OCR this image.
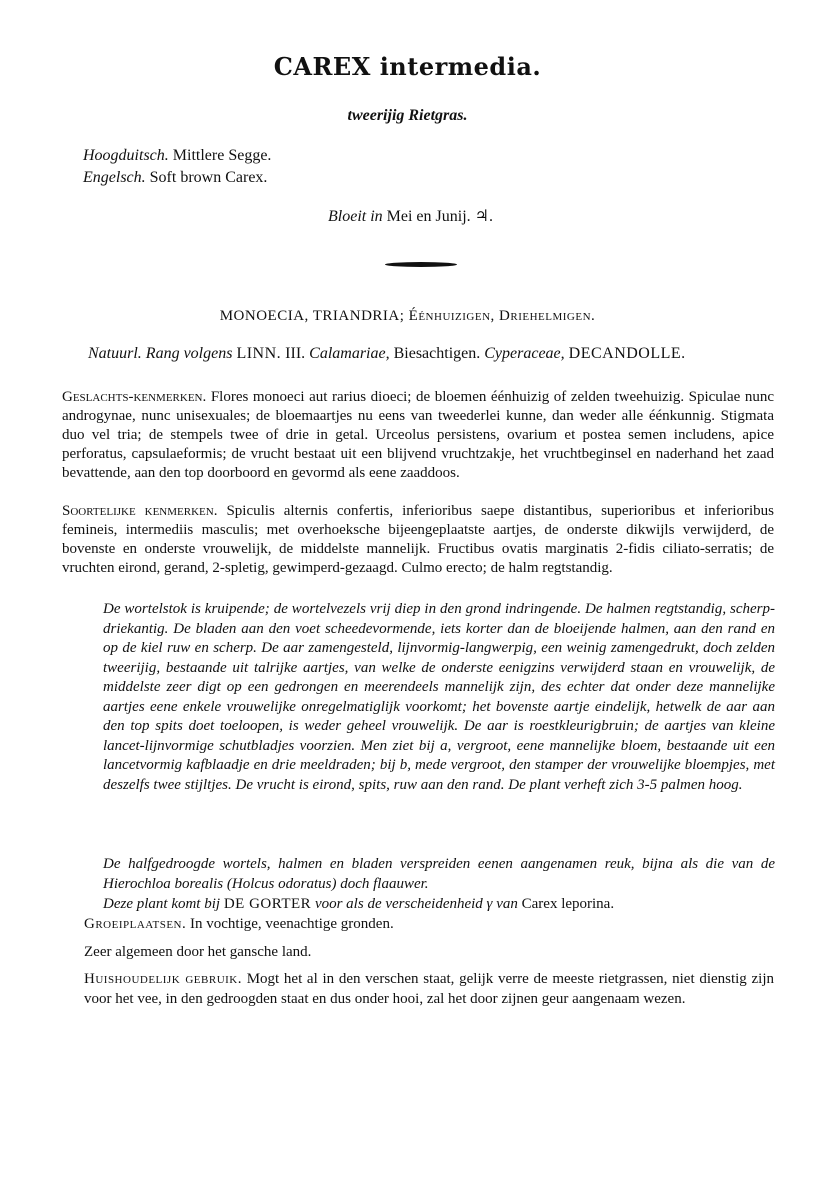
CAREX intermedia.
tweerijig Rietgras.
Hoogduitsch. Mittlere Segge.
Engelsch. Soft brown Carex.
Bloeit in Mei en Junij. ♃.
MONOECIA, TRIANDRIA; Éénhuizigen, Driehelmigen.
Natuurl. Rang volgens LINN. III. Calamariae, Biesachtigen. Cyperaceae, DECANDOLLE.
Geslachts-kenmerken. Flores monoeci aut rarius dioeci; de bloemen éénhuizig of zelden tweehuizig. Spiculae nunc androgynae, nunc unisexuales; de bloemaartjes nu eens van tweederlei kunne, dan weder alle éénkunnig. Stigmata duo vel tria; de stempels twee of drie in getal. Urceolus persistens, ovarium et postea semen includens, apice perforatus, capsulaeformis; de vrucht bestaat uit een blijvend vruchtzakje, het vruchtbeginsel en naderhand het zaad bevattende, aan den top doorboord en gevormd als eene zaaddoos.
Soortelijke kenmerken. Spiculis alternis confertis, inferioribus saepe distantibus, superioribus et inferioribus femineis, intermediis masculis; met overhoeksche bijeengeplaatste aartjes, de onderste dikwijls verwijderd, de bovenste en onderste vrouwelijk, de middelste mannelijk. Fructibus ovatis marginatis 2-fidis ciliato-serratis; de vruchten eirond, gerand, 2-spletig, gewimperd-gezaagd. Culmo erecto; de halm regtstandig.
De wortelstok is kruipende; de wortelvezels vrij diep in den grond indringende. De halmen regtstandig, scherp-driekantig. De bladen aan den voet scheedevormende, iets korter dan de bloeijende halmen, aan den rand en op de kiel ruw en scherp. De aar zamengesteld, lijnvormig-langwerpig, een weinig zamengedrukt, doch zelden tweerijig, bestaande uit talrijke aartjes, van welke de onderste eenigzins verwijderd staan en vrouwelijk, de middelste zeer digt op een gedrongen en meerendeels mannelijk zijn, des echter dat onder deze mannelijke aartjes eene enkele vrouwelijke onregelmatiglijk voorkomt; het bovenste aartje eindelijk, hetwelk de aar aan den top spits doet toeloopen, is weder geheel vrouwelijk. De aar is roestkleurigbruin; de aartjes van kleine lancet-lijnvormige schutbladjes voorzien. Men ziet bij a, vergroot, eene mannelijke bloem, bestaande uit een lancetvormig kafblaadje en drie meeldraden; bij b, mede vergroot, den stamper der vrouwelijke bloempjes, met deszelfs twee stijltjes. De vrucht is eirond, spits, ruw aan den rand. De plant verheft zich 3-5 palmen hoog.
De halfgedroogde wortels, halmen en bladen verspreiden eenen aangenamen reuk, bijna als die van de Hierochloa borealis (Holcus odoratus) doch flaauwer.
Deze plant komt bij DE GORTER voor als de verscheidenheid γ van Carex leporina.
Groeiplaatsen. In vochtige, veenachtige gronden.
Zeer algemeen door het gansche land.
Huishoudelijk gebruik. Mogt het al in den verschen staat, gelijk verre de meeste rietgrassen, niet dienstig zijn voor het vee, in den gedroogden staat en dus onder hooi, zal het door zijnen geur aangenaam wezen.
